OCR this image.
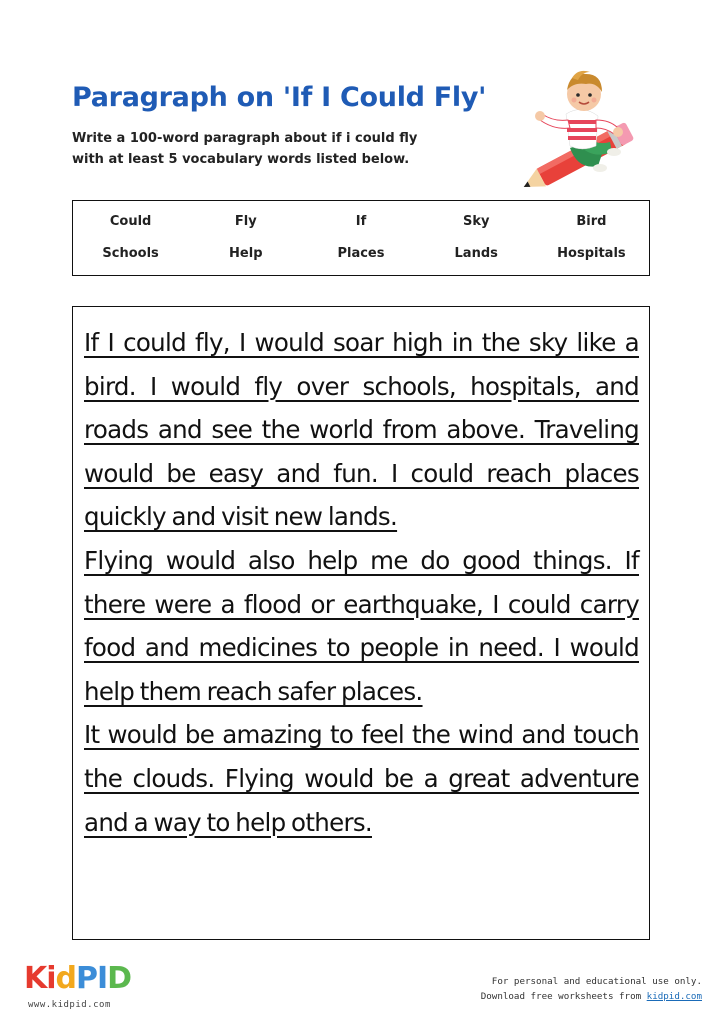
Paragraph on 'If I Could Fly'

Write a 100-word paragraph about if i could fly with at least 5 vocabulary words listed below.

Could	Fly	If	Sky	Bird
Schools	Help	Places	Lands	Hospitals

If I could fly, I would soar high in the sky like a bird. I would fly over schools, hospitals, and roads and see the world from above. Traveling would be easy and fun. I could reach places quickly and visit new lands.

Flying would also help me do good things. If there were a flood or earthquake, I could carry food and medicines to people in need. I would help them reach safer places.

It would be amazing to feel the wind and touch the clouds. Flying would be a great adventure and a way to help others.

KidPID
www.kidpid.com
For personal and educational use only.
Download free worksheets from kidpid.com
